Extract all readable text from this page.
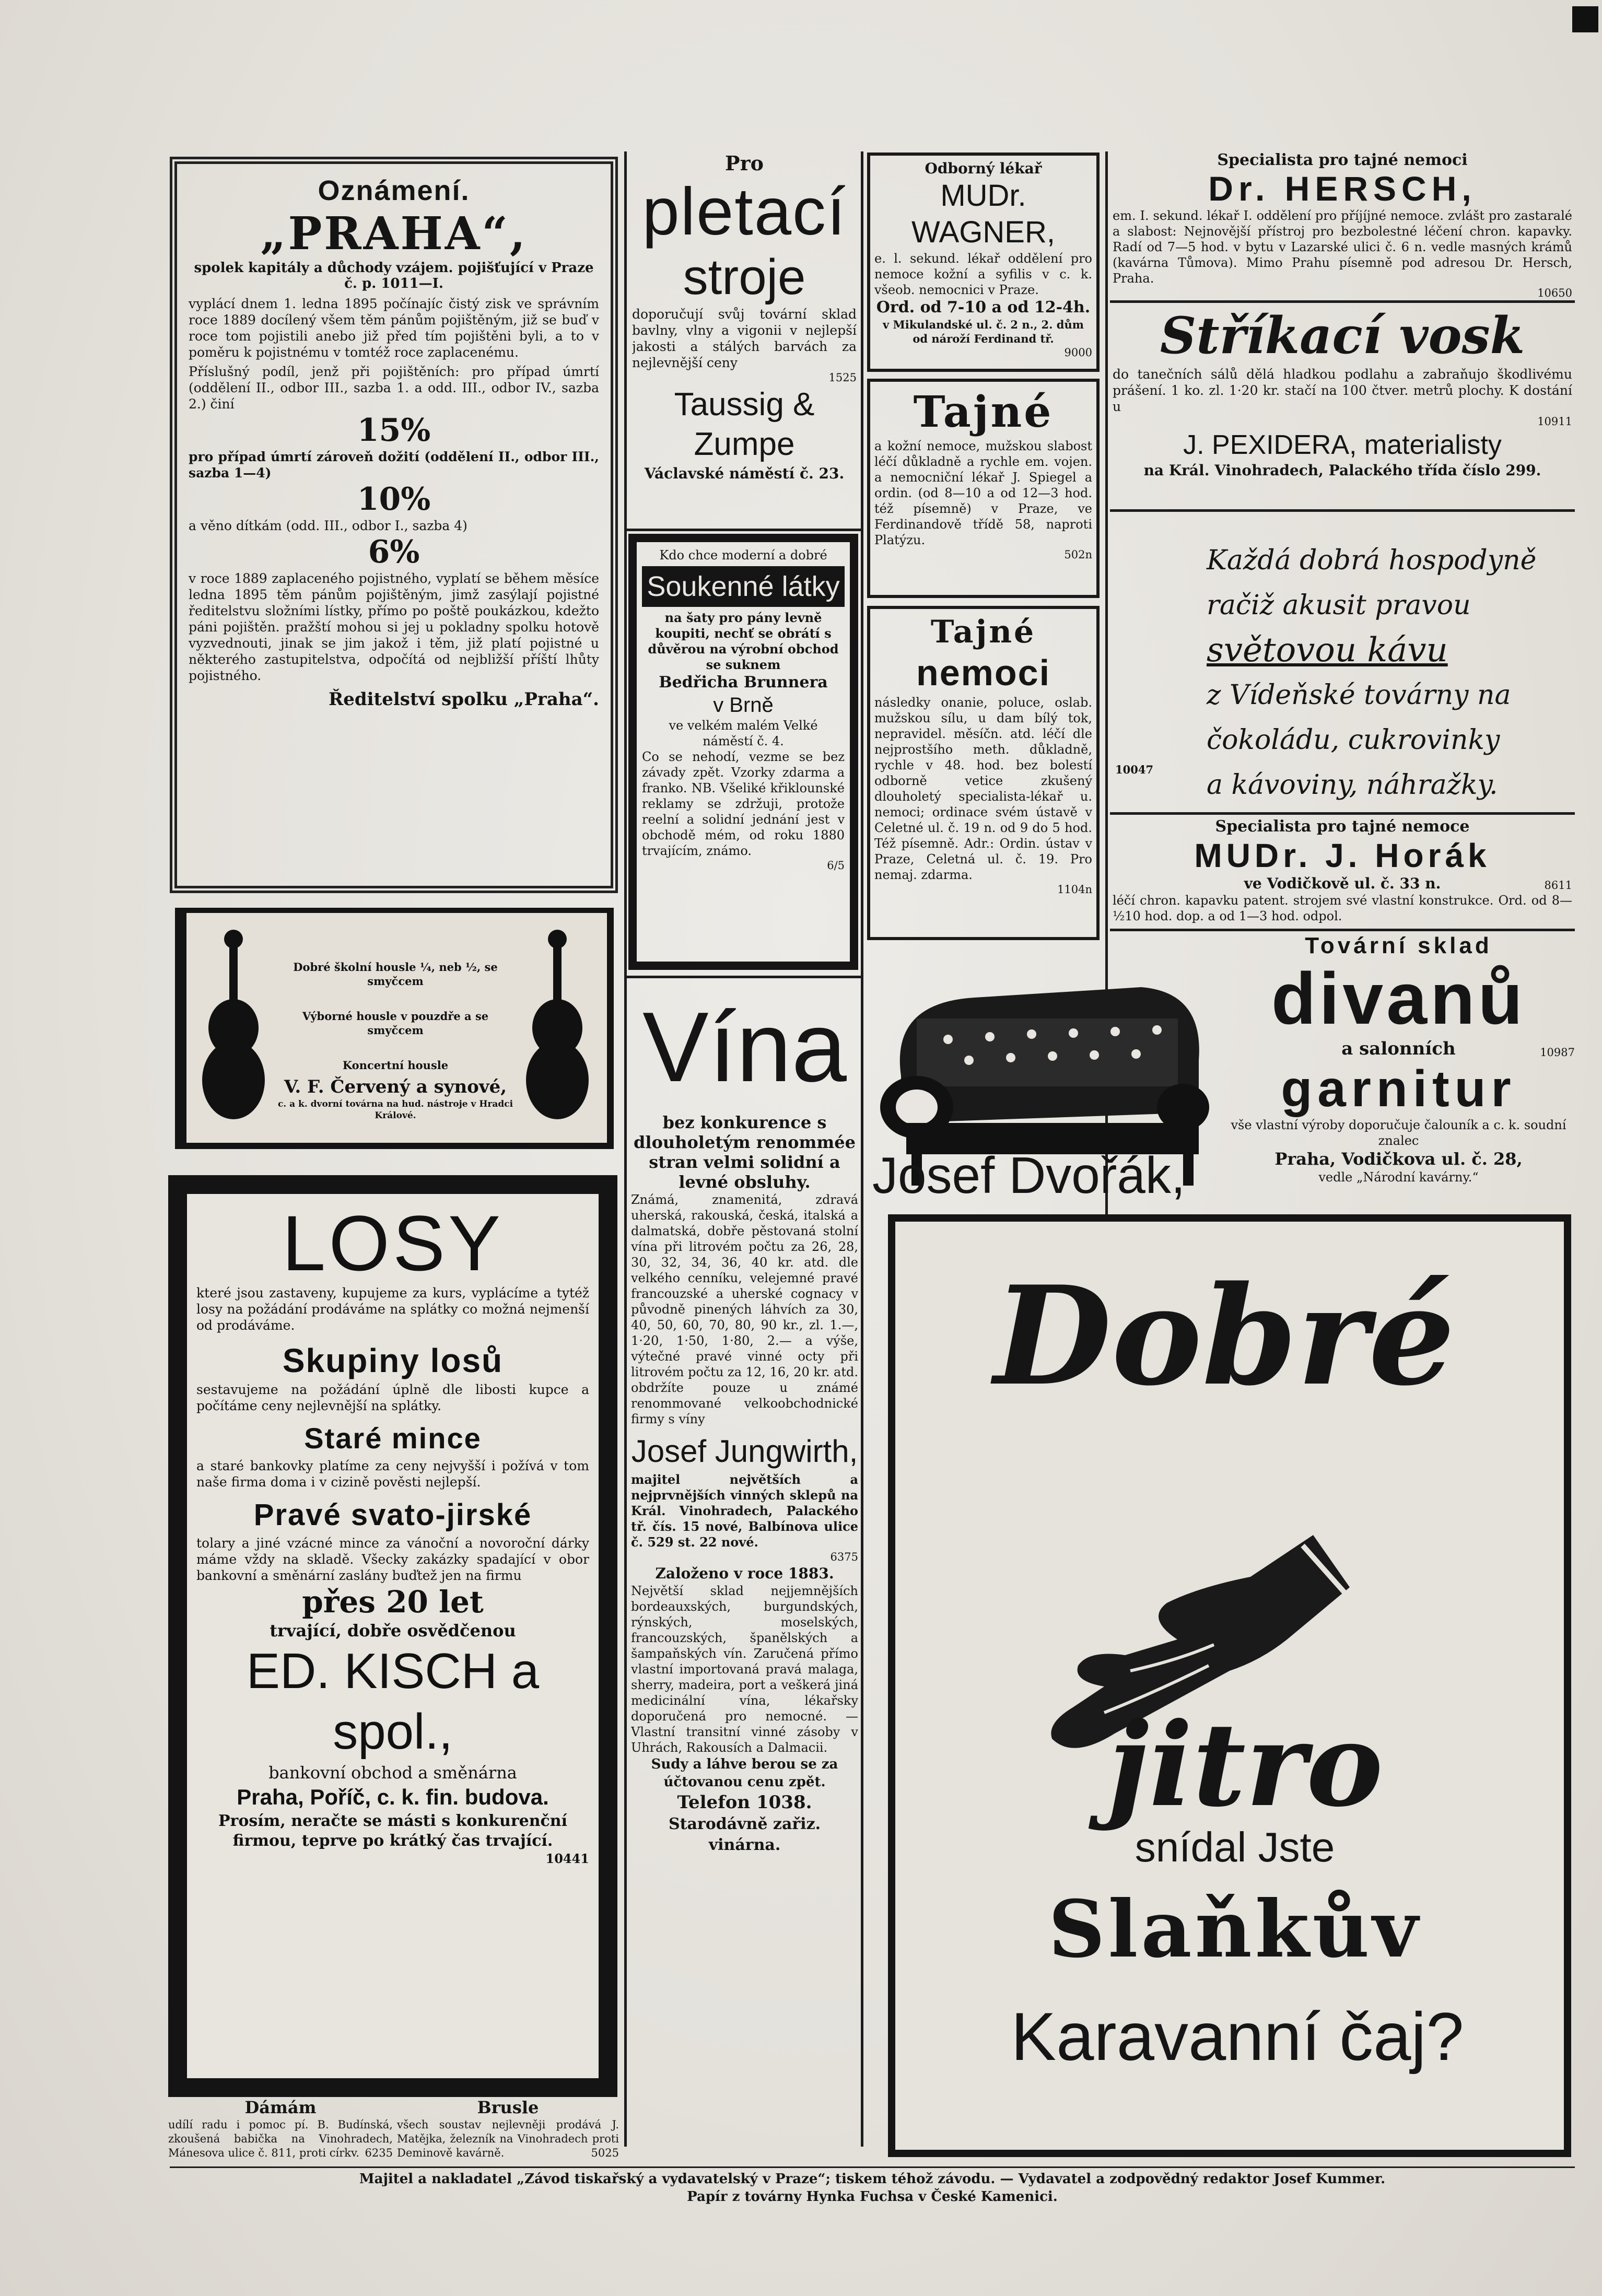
Oznámení.

„PRAHA“,

spolek kapitály a důchody vzájem. pojišťující v Praze č. p. 1011—I.

vyplácí dnem 1. ledna 1895 počínajíc čistý zisk ve správním roce 1889 docílený všem těm pánům pojištěným, již se buď v roce tom pojistili anebo již před tím pojištěni byli, a to v poměru k pojistnému v tomtéž roce zaplacenému.

Příslušný podíl, jenž při pojištěních: pro případ úmrtí (oddělení II., odbor III., sazba 1. a odd. III., odbor IV., sazba 2.) činí

15%

pro případ úmrtí zároveň dožití (oddělení II., odbor III., sazba 1—4)

10%

a věno dítkám (odd. III., odbor I., sazba 4)

6%

v roce 1889 zaplaceného pojistného, vyplatí se během měsíce ledna 1895 těm pánům pojištěným, jimž zasýlají pojistné ředitelstvu složními lístky, přímo po poště poukázkou, kdežto páni pojištěn. pražští mohou si jej u pokladny spolku hotově vyzvednouti, jinak se jim jakož i těm, již platí pojistné u některého zastupitelstva, odpočítá od nejbližší příští lhůty pojistného.

Ředitelství spolku „Praha“.

Dobré školní housle ¼, neb ½, se smyčcem

Výborné housle v pouzdře a se smyčcem

Koncertní housle

V. F. Červený a synové,

c. a k. dvorní továrna na hud. nástroje v Hradci Králové.

LOSY

které jsou zastaveny, kupujeme za kurs, vyplácíme a tytéž losy na požádání prodáváme na splátky co možná nejmenší od prodáváme.

Skupiny losů

sestavujeme na požádání úplně dle libosti kupce a počítáme ceny nejlevnější na splátky.

Staré mince

a staré bankovky platíme za ceny nejvyšší i požívá v tom naše firma doma i v cizině pověsti nejlepší.

Pravé svato-jirské

tolary a jiné vzácné mince za vánoční a novoroční dárky máme vždy na skladě. Všecky zakázky spadající v obor bankovní a směnární zaslány buďtež jen na firmu

přes 20 let

trvající, dobře osvědčenou

ED. KISCH a spol.,

bankovní obchod a směnárna

Praha, Poříč, c. k. fin. budova.

Prosím, neračte se másti s konkurenční firmou, teprve po krátký čas trvající.

10441

Dámám

udílí radu i pomoc pí. B. Budínská, zkoušená babička na Vinohradech, Mánesova ulice č. 811, proti církv. 6235

Brusle

všech soustav nejlevněji prodává J. Matějka, železník na Vinohradech proti Deminově kavárně.	5025

Pro

pletací

stroje

doporučují svůj tovární sklad bavlny, vlny a vigonii v nejlepší jakosti a stálých barvách za nejlevnější ceny

1525

Taussig & Zumpe

Václavské náměstí č. 23.

Kdo chce moderní a dobré

Soukenné látky

na šaty pro pány levně koupiti, nechť se obrátí s důvěrou na výrobní obchod se suknem

Bedřicha Brunnera

v Brně

ve velkém malém Velké náměstí č. 4.

Co se nehodí, vezme se bez závady zpět. Vzorky zdarma a franko. NB. Všeliké křiklounské reklamy se zdržuji, protože reelní a solidní jednání jest v obchodě mém, od roku 1880 trvajícím, známo.

6/5

Vína

bez konkurence s dlouholetým renommée stran velmi solidní a levné obsluhy.

Známá, znamenitá, zdravá uherská, rakouská, česká, italská a dalmatská, dobře pěstovaná stolní vína při litrovém počtu za 26, 28, 30, 32, 34, 36, 40 kr. atd. dle velkého cenníku, velejemné pravé francouzské a uherské cognacy v původně pinených láhvích za 30, 40, 50, 60, 70, 80, 90 kr., zl. 1.—, 1·20, 1·50, 1·80, 2.— a výše, výtečné pravé vinné octy při litrovém počtu za 12, 16, 20 kr. atd. obdržíte pouze u známé renommované velkoobchodnické firmy s víny

Josef Jungwirth,

majitel největších a nejprvnějších vinných sklepů na Král. Vinohradech, Palackého tř. čís. 15 nové, Balbínova ulice č. 529 st. 22 nové.

6375

Založeno v roce 1883.

Největší sklad nejjemnějších bordeauxských, burgundských, rýnských, moselských, francouzských, španělských a šampaňských vín. Zaručená přímo vlastní importovaná pravá malaga, sherry, madeira, port a veškerá jiná medicinální vína, lékařsky doporučená pro nemocné. — Vlastní transitní vinné zásoby v Uhrách, Rakousích a Dalmacii.

Sudy a láhve berou se za účtovanou cenu zpět.

Telefon 1038.

Starodávně zařiz. vinárna.

Odborný lékař

MUDr. WAGNER,

e. l. sekund. lékař oddělení pro nemoce kožní a syfilis v c. k. všeob. nemocnici v Praze.

Ord. od 7-10 a od 12-4h.

v Mikulandské ul. č. 2 n., 2. dům od nároží Ferdinand tř.

9000

Tajné

a kožní nemoce, mužskou slabost léčí důkladně a rychle em. vojen. a nemocniční lékař J. Spiegel a ordin. (od 8—10 a od 12—3 hod. též písemně) v Praze, ve Ferdinandově třídě 58, naproti Platýzu.

502n

Tajné

nemoci

následky onanie, poluce, oslab. mužskou sílu, u dam bílý tok, nepravidel. měsíčn. atd. léčí dle nejprostšího meth. důkladně, rychle v 48. hod. bez bolestí odborně vetice zkušený dlouholetý specialista-lékař u. nemoci; ordinace svém ústavě v Celetné ul. č. 19 n. od 9 do 5 hod. Též písemně. Adr.: Ordin. ústav v Praze, Celetná ul. č. 19. Pro nemaj. zdarma.

1104n

Josef Dvořák,

Specialista pro tajné nemoci

Dr. HERSCH,

em. I. sekund. lékař I. oddělení pro příjíjné nemoce. zvlášt pro zastaralé a slabost: Nejnovější přístroj pro bezbolestné léčení chron. kapavky. Radí od 7—5 hod. v bytu v Lazarské ulici č. 6 n. vedle masných krámů (kavárna Tůmova). Mimo Prahu písemně pod adresou Dr. Hersch, Praha.

10650

Stříkací vosk

do tanečních sálů dělá hladkou podlahu a zabraňujo škodlivému prášení. 1 ko. zl. 1·20 kr. stačí na 100 čtver. metrů plochy. K dostání u

10911

J. PEXIDERA, materialisty

na Král. Vinohradech, Palackého třída číslo 299.

Každá dobrá hospodyně

račiž akusit pravou

světovou kávu

z Vídeňské továrny na

čokoládu, cukrovinky

a kávoviny, náhražky.

10047

Specialista pro tajné nemoce

MUDr. J. Horák

ve Vodičkově ul. č. 33 n.	8611

léčí chron. kapavku patent. strojem své vlastní konstrukce. Ord. od 8—½10 hod. dop. a od 1—3 hod. odpol.

Tovární sklad

divanů

a salonních	10987

garnitur

vše vlastní výroby doporučuje čalouník a c. k. soudní znalec

Praha, Vodičkova ul. č. 28,

vedle „Národní kavárny.“

Dobré

jitro

snídal Jste

Slaňkův

Karavanní čaj?

Majitel a nakladatel „Závod tiskařský a vydavatelský v Praze“; tiskem téhož závodu. — Vydavatel a zodpovědný redaktor Josef Kummer.

Papír z továrny Hynka Fuchsa v České Kamenici.
